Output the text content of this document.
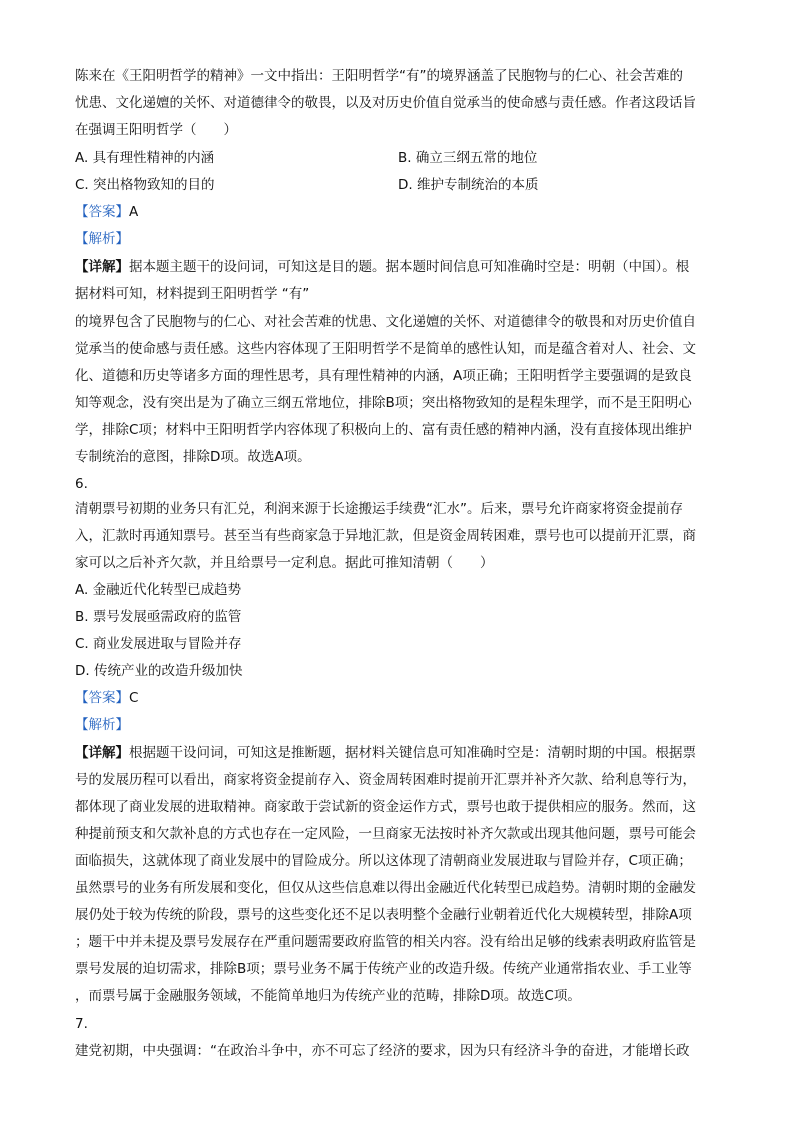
陈来在《王阳明哲学的精神》一文中指出：王阳明哲学“有”的境界涵盖了民胞物与的仁心、社会苦难的
忧患、文化递嬗的关怀、对道德律令的敬畏，以及对历史价值自觉承当的使命感与责任感。作者这段话旨
在强调王阳明哲学（　　）
A. 具有理性精神的内涵	B. 确立三纲五常的地位
C. 突出格物致知的目的	D. 维护专制统治的本质
【答案】A
【解析】
【详解】据本题主题干的设问词，可知这是目的题。据本题时间信息可知准确时空是：明朝（中国）。根
据材料可知，材料提到王阳明哲学 “有”
的境界包含了民胞物与的仁心、对社会苦难的忧患、文化递嬗的关怀、对道德律令的敬畏和对历史价值自
觉承当的使命感与责任感。这些内容体现了王阳明哲学不是简单的感性认知，而是蕴含着对人、社会、文
化、道德和历史等诸多方面的理性思考，具有理性精神的内涵，A项正确；王阳明哲学主要强调的是致良
知等观念，没有突出是为了确立三纲五常地位，排除B项；突出格物致知的是程朱理学，而不是王阳明心
学，排除C项；材料中王阳明哲学内容体现了积极向上的、富有责任感的精神内涵，没有直接体现出维护
专制统治的意图，排除D项。故选A项。
6.
清朝票号初期的业务只有汇兑，利润来源于长途搬运手续费“汇水”。后来，票号允许商家将资金提前存
入，汇款时再通知票号。甚至当有些商家急于异地汇款，但是资金周转困难，票号也可以提前开汇票，商
家可以之后补齐欠款，并且给票号一定利息。据此可推知清朝（　　）
A. 金融近代化转型已成趋势
B. 票号发展亟需政府的监管
C. 商业发展进取与冒险并存
D. 传统产业的改造升级加快
【答案】C
【解析】
【详解】根据题干设问词，可知这是推断题，据材料关键信息可知准确时空是：清朝时期的中国。根据票
号的发展历程可以看出，商家将资金提前存入、资金周转困难时提前开汇票并补齐欠款、给利息等行为，
都体现了商业发展的进取精神。商家敢于尝试新的资金运作方式，票号也敢于提供相应的服务。然而，这
种提前预支和欠款补息的方式也存在一定风险，一旦商家无法按时补齐欠款或出现其他问题，票号可能会
面临损失，这就体现了商业发展中的冒险成分。所以这体现了清朝商业发展进取与冒险并存，C项正确；
虽然票号的业务有所发展和变化，但仅从这些信息难以得出金融近代化转型已成趋势。清朝时期的金融发
展仍处于较为传统的阶段，票号的这些变化还不足以表明整个金融行业朝着近代化大规模转型，排除A项
；题干中并未提及票号发展存在严重问题需要政府监管的相关内容。没有给出足够的线索表明政府监管是
票号发展的迫切需求，排除B项；票号业务不属于传统产业的改造升级。传统产业通常指农业、手工业等
，而票号属于金融服务领域，不能简单地归为传统产业的范畴，排除D项。故选C项。
7.
建党初期，中央强调：“在政治斗争中，亦不可忘了经济的要求，因为只有经济斗争的奋进，才能增长政
